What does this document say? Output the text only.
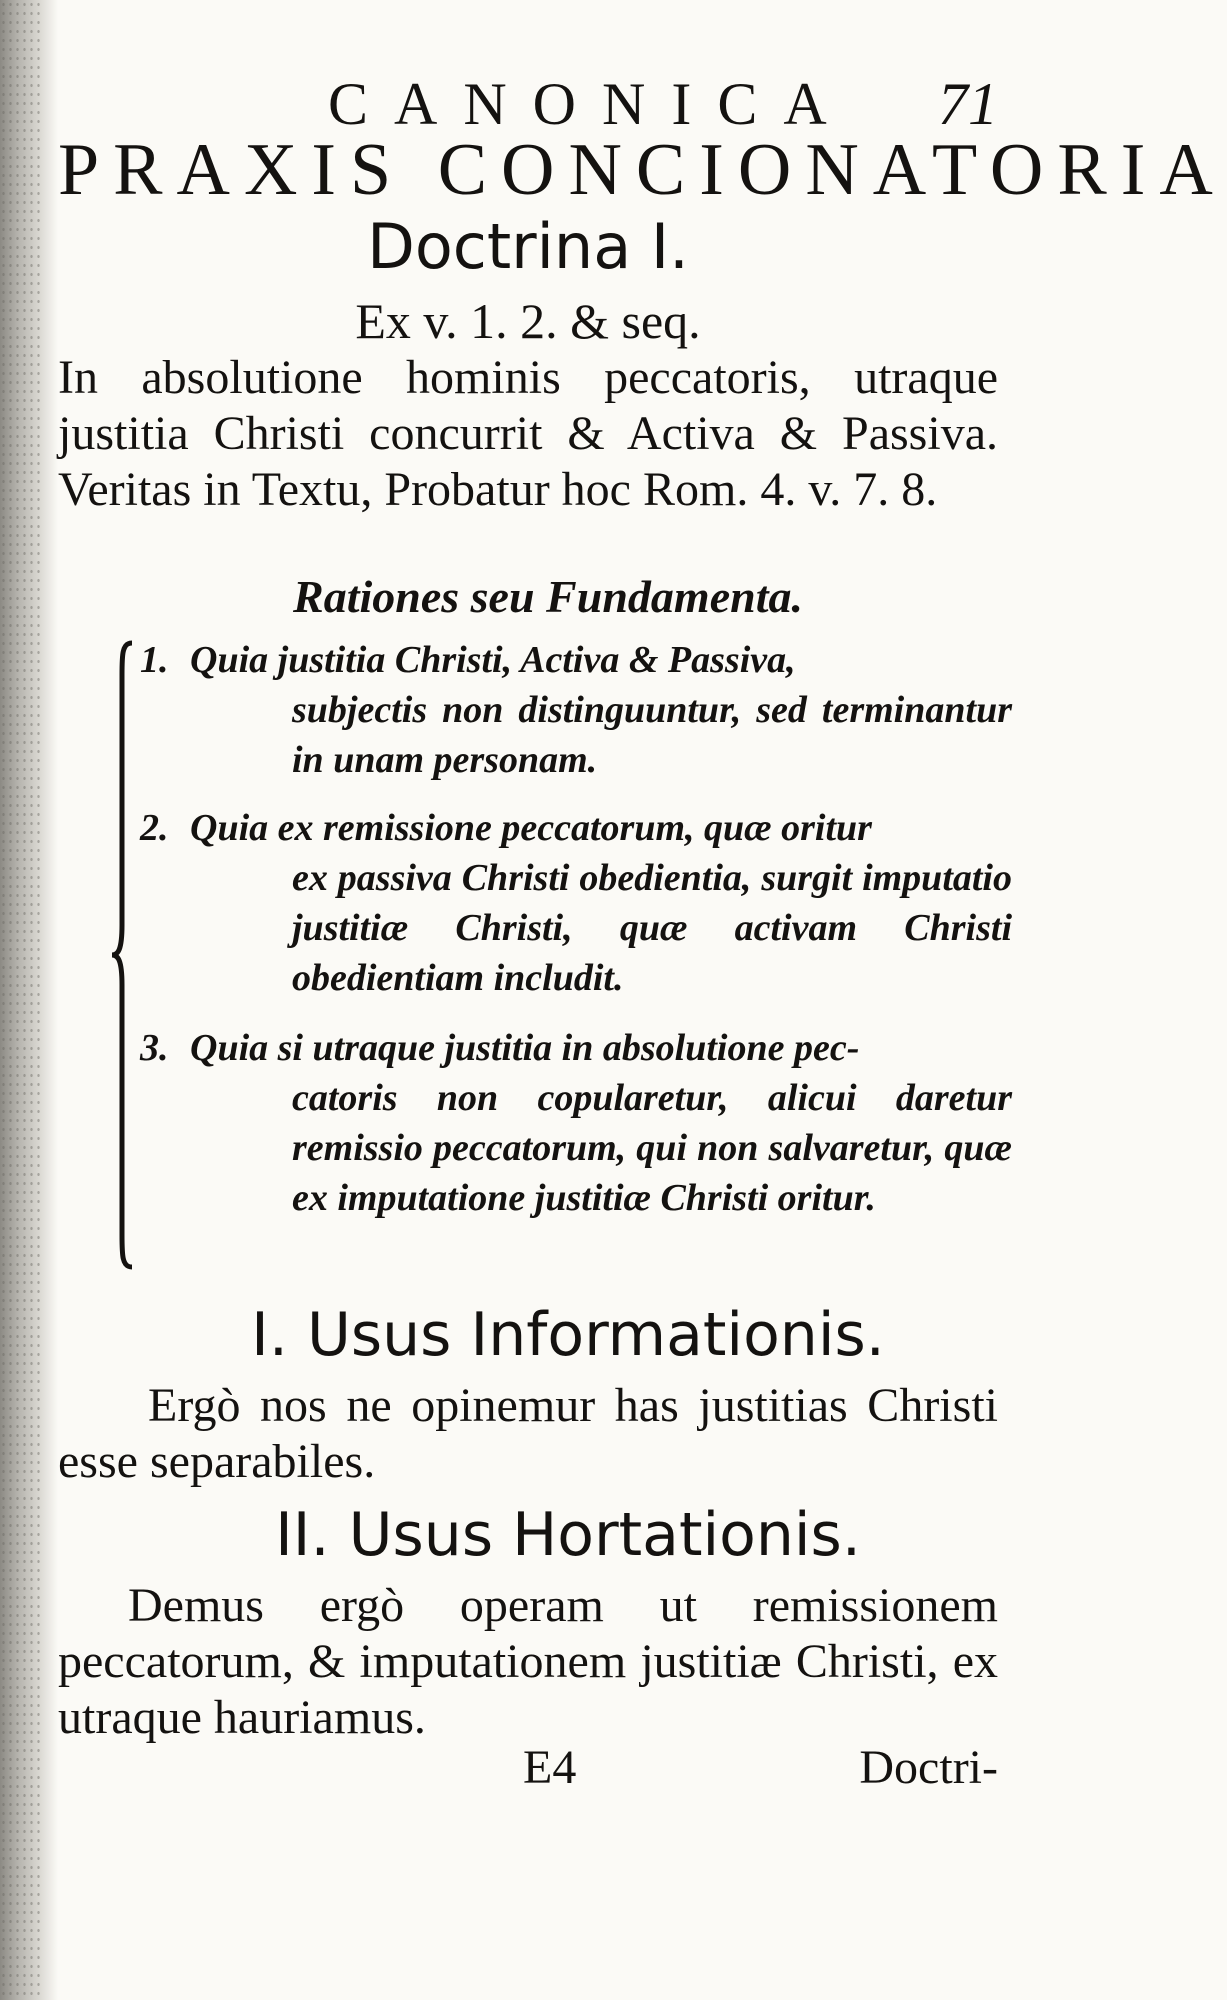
CANONICA 71
PRAXIS CONCIONATORIA
Doctrina I.
Ex v. 1. 2. & seq.

In absolutione hominis peccatoris, utraque justitia Christi concurrit & Activa & Passiva. Veritas in Textu, Probatur hoc Rom. 4. v. 7. 8.

Rationes seu Fundamenta.
1. Quia justitia Christi, Activa & Passiva,
subjectis non distinguuntur, sed terminantur in unam personam.
2. Quia ex remissione peccatorum, quæ oritur
ex passiva Christi obedientia, surgit imputatio justitiæ Christi, quæ activam Christi obedientiam includit.
3. Quia si utraque justitia in absolutione pec-
catoris non copularetur, alicui daretur remissio peccatorum, qui non salvaretur, quæ ex imputatione justitiæ Christi oritur.
I. Usus Informationis.

Ergò nos ne opinemur has justitias Christi esse separabiles.

II. Usus Hortationis.

Demus ergò operam ut remissionem peccatorum, & imputationem justitiæ Christi, ex utraque hauriamus.

E4	Doctri-
